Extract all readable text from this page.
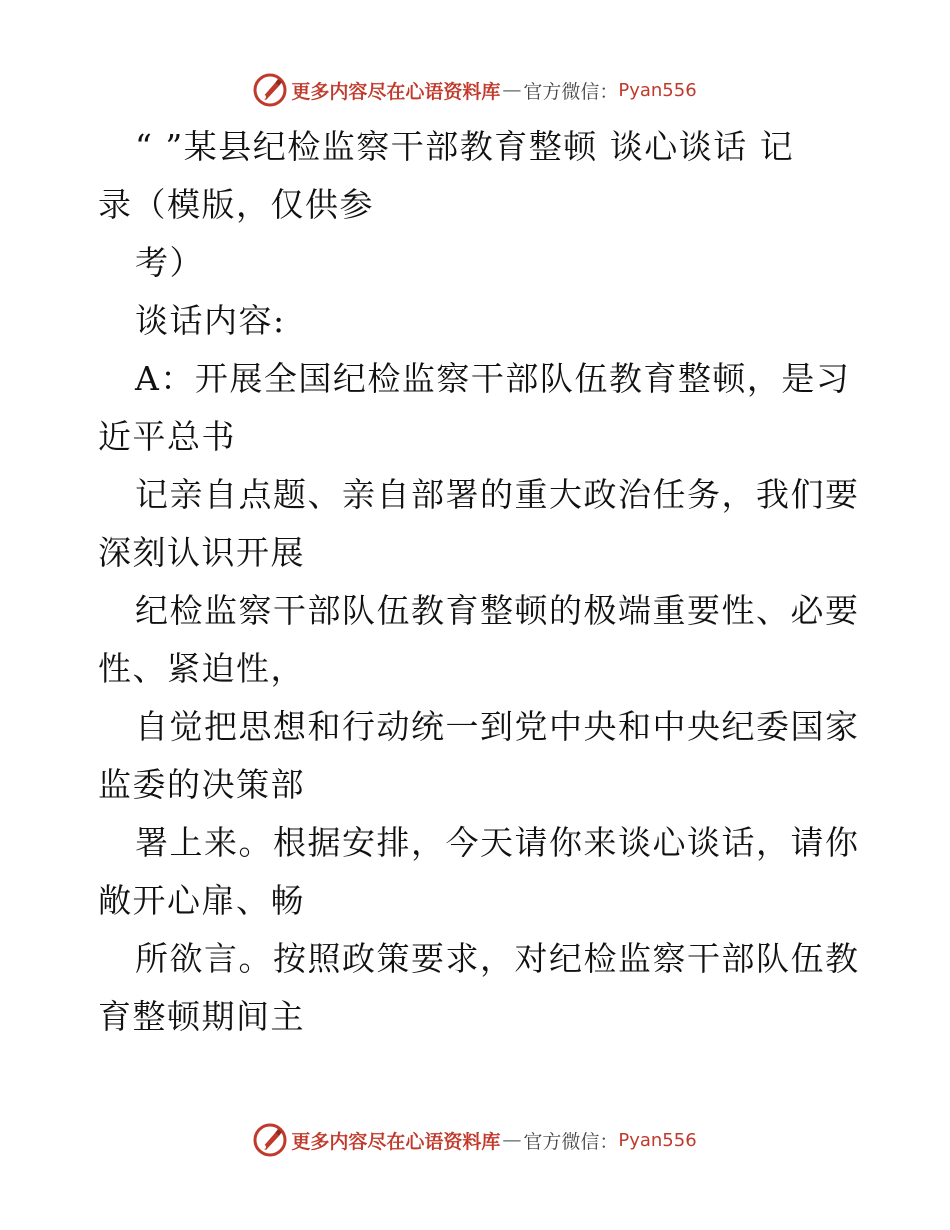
更多内容尽在心语资料库 — 官方微信： Pyan556
“ ”某县纪检监察干部教育整顿 谈心谈话 记
录（模版，仅供参
考）
谈话内容:
A：开展全国纪检监察干部队伍教育整顿，是习
近平总书
记亲自点题、亲自部署的重大政治任务，我们要
深刻认识开展
纪检监察干部队伍教育整顿的极端重要性、必要
性、紧迫性，
自觉把思想和行动统一到党中央和中央纪委国家
监委的决策部
署上来。根据安排，今天请你来谈心谈话，请你
敞开心扉、畅
所欲言。按照政策要求，对纪检监察干部队伍教
育整顿期间主
更多内容尽在心语资料库 — 官方微信： Pyan556
